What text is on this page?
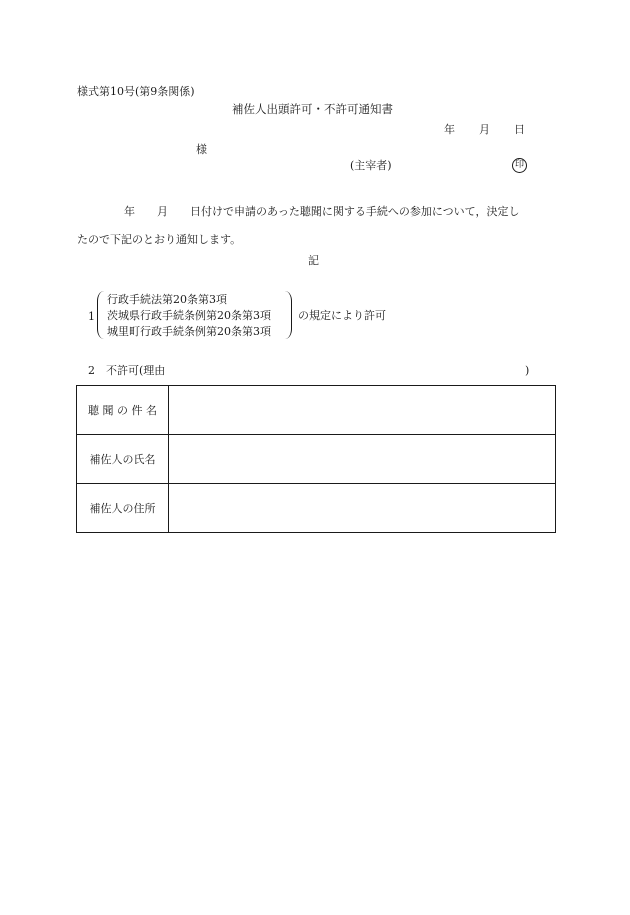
様式第10号(第9条関係)
補佐人出頭許可・不許可通知書
年 月 日
様
(主宰者)	印
年　　月　　日付けで申請のあった聴聞に関する手続への参加について，決定し
たので下記のとおり通知します。
記
1
行政手続法第20条第3項
茨城県行政手続条例第20条第3項
城里町行政手続条例第20条第3項
の規定により許可
2 不許可(理由	)
聴 聞 の 件 名	
補佐人の氏名	
補佐人の住所	
